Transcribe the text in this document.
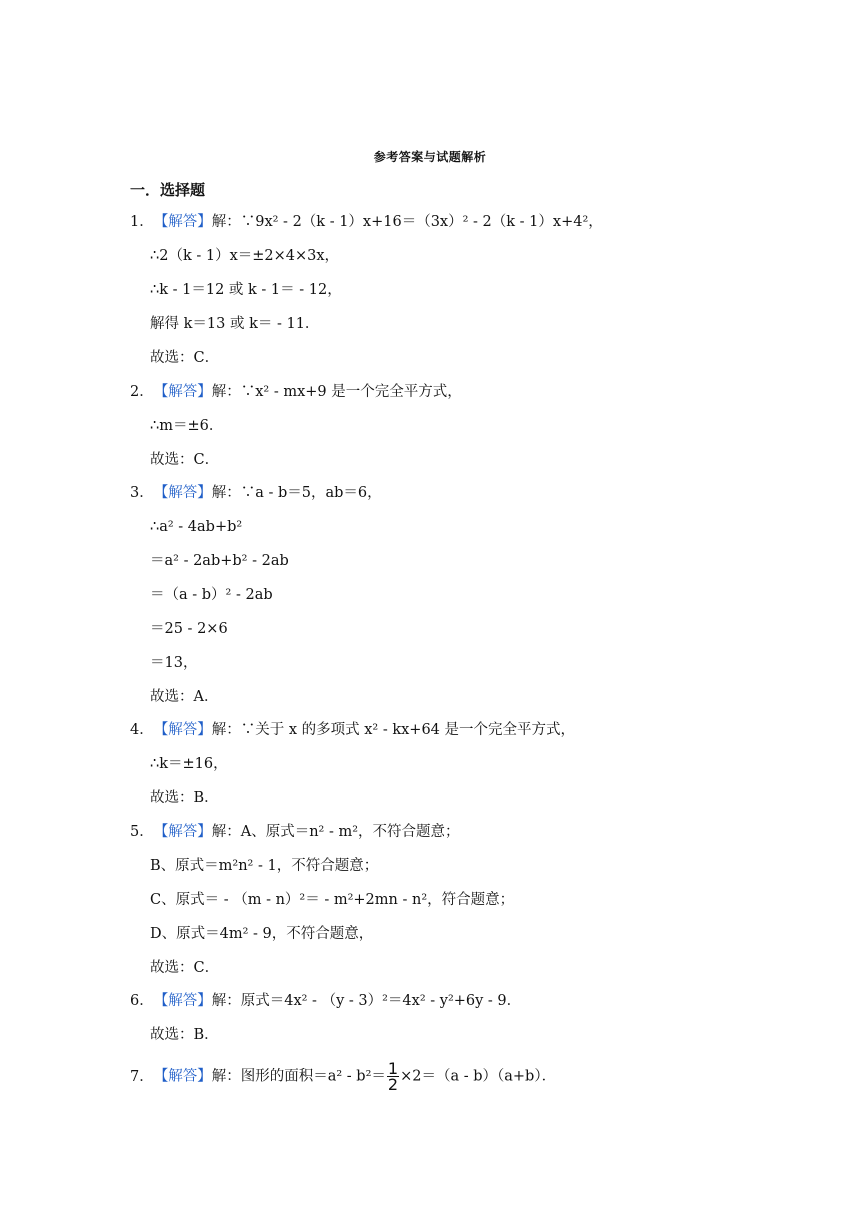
参考答案与试题解析
一．选择题
1．【解答】解：∵9x² - 2（k - 1）x+16＝（3x）² - 2（k - 1）x+4²，
∴2（k - 1）x＝±2×4×3x，
∴k - 1＝12 或 k - 1＝ - 12，
解得 k＝13 或 k＝ - 11．
故选：C．
2．【解答】解：∵x² - mx+9 是一个完全平方式，
∴m＝±6．
故选：C．
3．【解答】解：∵a - b＝5，ab＝6，
∴a² - 4ab+b²
＝a² - 2ab+b² - 2ab
＝（a - b）² - 2ab
＝25 - 2×6
＝13，
故选：A．
4．【解答】解：∵关于 x 的多项式 x² - kx+64 是一个完全平方式，
∴k＝±16，
故选：B．
5．【解答】解：A、原式＝n² - m²，不符合题意；
B、原式＝m²n² - 1，不符合题意；
C、原式＝ - （m - n）²＝ - m²+2mn - n²，符合题意；
D、原式＝4m² - 9，不符合题意，
故选：C．
6．【解答】解：原式＝4x² - （y - 3）²＝4x² - y²+6y - 9．
故选：B．
7．【解答】解：图形的面积$=a^2 - b^2= \frac{1}{2} \times 2=(a - b)(a+b)$．
